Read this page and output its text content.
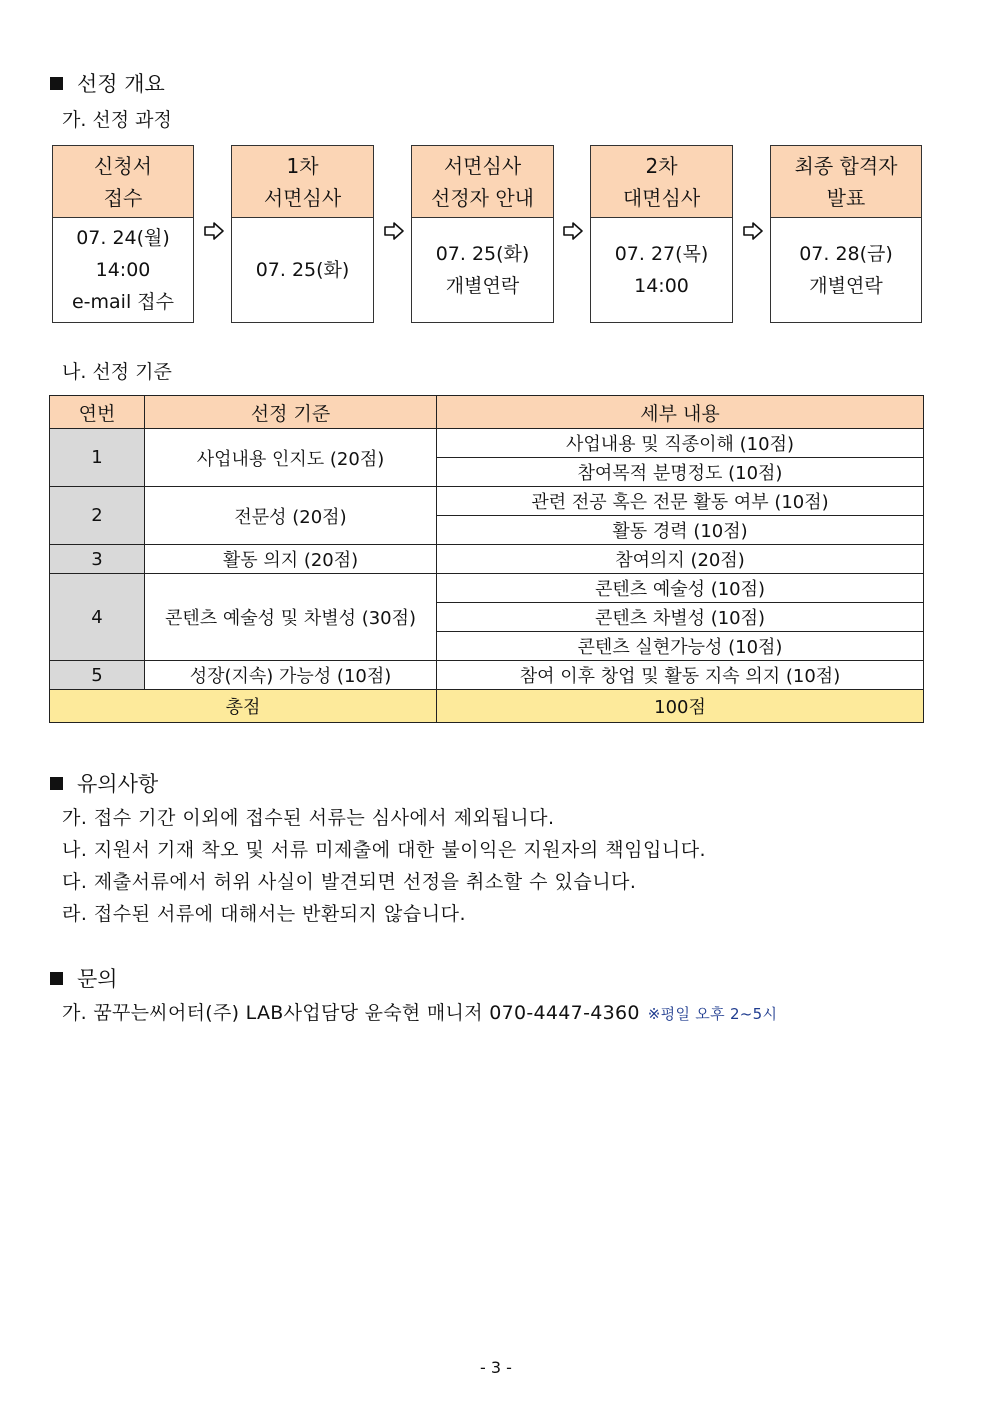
선정 개요
가. 선정 과정
신청서
접수
07. 24(월)
14:00
e-mail 접수
1차
서면심사
07. 25(화)
서면심사
선정자 안내
07. 25(화)
개별연락
2차
대면심사
07. 27(목)
14:00
최종 합격자
발표
07. 28(금)
개별연락
나. 선정 기준
연번	선정 기준	세부 내용
1	사업내용 인지도 (20점)	사업내용 및 직종이해 (10점)
		참여목적 분명정도 (10점)
2	전문성 (20점)	관련 전공 혹은 전문 활동 여부 (10점)
		활동 경력 (10점)
3	활동 의지 (20점)	참여의지 (20점)
4	콘텐츠 예술성 및 차별성 (30점)	콘텐츠 예술성 (10점)
		콘텐츠 차별성 (10점)
		콘텐츠 실현가능성 (10점)
5	성장(지속) 가능성 (10점)	참여 이후 창업 및 활동 지속 의지 (10점)
총점		100점
유의사항
가. 접수 기간 이외에 접수된 서류는 심사에서 제외됩니다.
나. 지원서 기재 착오 및 서류 미제출에 대한 불이익은 지원자의 책임입니다.
다. 제출서류에서 허위 사실이 발견되면 선정을 취소할 수 있습니다.
라. 접수된 서류에 대해서는 반환되지 않습니다.
문의
가. 꿈꾸는씨어터(주) LAB사업담당 윤숙현 매니저 070-4447-4360 ※평일 오후 2~5시
- 3 -
